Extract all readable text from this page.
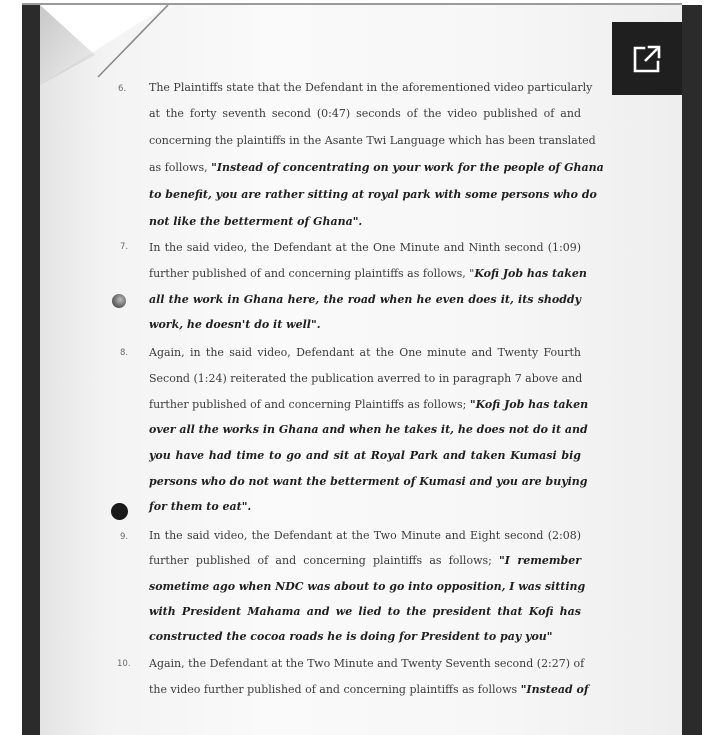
6. The Plaintiffs state that the Defendant in the aforementioned video particularly

at the forty seventh second (0:47) seconds of the video published of and

concerning the plaintiffs in the Asante Twi Language which has been translated

as follows, "Instead of concentrating on your work for the people of Ghana

to benefit, you are rather sitting at royal park with some persons who do

not like the betterment of Ghana".

7. In the said video, the Defendant at the One Minute and Ninth second (1:09)

further published of and concerning plaintiffs as follows, "Kofi Job has taken

all the work in Ghana here, the road when he even does it, its shoddy

work, he doesn't do it well".

8. Again, in the said video, Defendant at the One minute and Twenty Fourth

Second (1:24) reiterated the publication averred to in paragraph 7 above and

further published of and concerning Plaintiffs as follows; "Kofi Job has taken

over all the works in Ghana and when he takes it, he does not do it and

you have had time to go and sit at Royal Park and taken Kumasi big

persons who do not want the betterment of Kumasi and you are buying

for them to eat".

9. In the said video, the Defendant at the Two Minute and Eight second (2:08)

further published of and concerning plaintiffs as follows; "I remember

sometime ago when NDC was about to go into opposition, I was sitting

with President Mahama and we lied to the president that Kofi has

constructed the cocoa roads he is doing for President to pay you"

10. Again, the Defendant at the Two Minute and Twenty Seventh second (2:27) of

the video further published of and concerning plaintiffs as follows "Instead of
